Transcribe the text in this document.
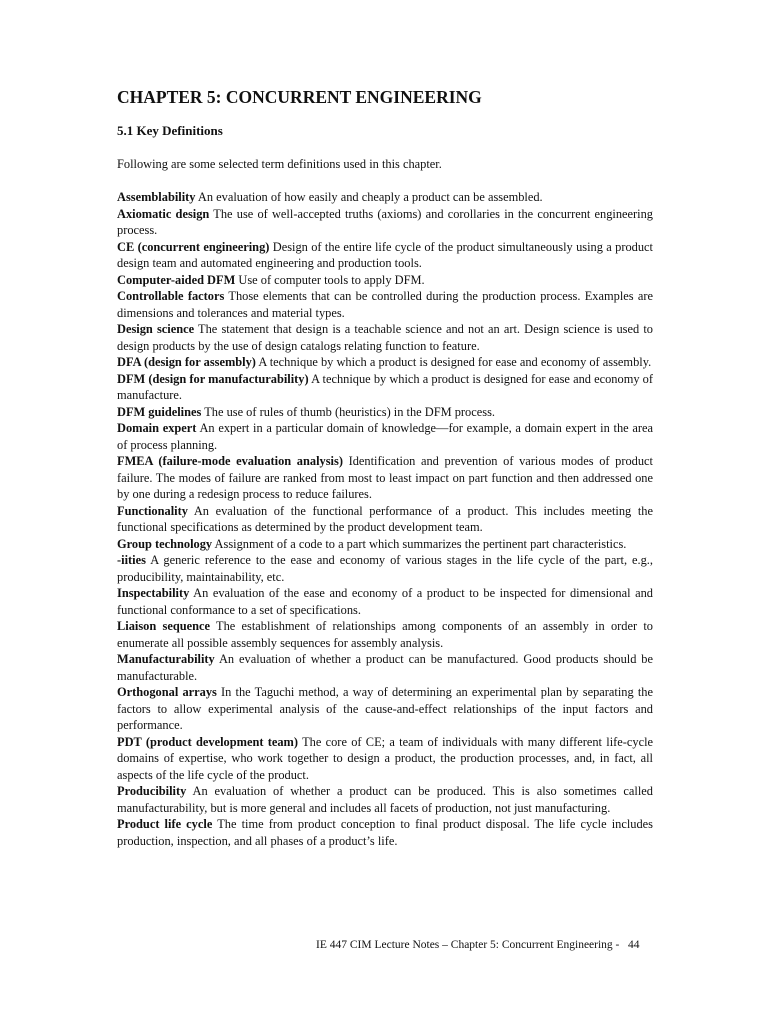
CHAPTER 5: CONCURRENT ENGINEERING
5.1 Key Definitions

Following are some selected term definitions used in this chapter.

Assemblability An evaluation of how easily and cheaply a product can be assembled.

Axiomatic design The use of well-accepted truths (axioms) and corollaries in the concurrent engineering process.

CE (concurrent engineering) Design of the entire life cycle of the product simultaneously using a product design team and automated engineering and production tools.

Computer-aided DFM Use of computer tools to apply DFM.

Controllable factors Those elements that can be controlled during the production process. Examples are dimensions and tolerances and material types.

Design science The statement that design is a teachable science and not an art. Design science is used to design products by the use of design catalogs relating function to feature.

DFA (design for assembly) A technique by which a product is designed for ease and economy of assembly.

DFM (design for manufacturability) A technique by which a product is designed for ease and economy of manufacture.

DFM guidelines The use of rules of thumb (heuristics) in the DFM process.

Domain expert An expert in a particular domain of knowledge—for example, a domain expert in the area of process planning.

FMEA (failure-mode evaluation analysis) Identification and prevention of various modes of product failure. The modes of failure are ranked from most to least impact on part function and then addressed one by one during a redesign process to reduce failures.

Functionality An evaluation of the functional performance of a product. This includes meeting the functional specifications as determined by the product development team.

Group technology Assignment of a code to a part which summarizes the pertinent part characteristics.

-iities A generic reference to the ease and economy of various stages in the life cycle of the part, e.g., producibility, maintainability, etc.

Inspectability An evaluation of the ease and economy of a product to be inspected for dimensional and functional conformance to a set of specifications.

Liaison sequence The establishment of relationships among components of an assembly in order to enumerate all possible assembly sequences for assembly analysis.

Manufacturability An evaluation of whether a product can be manufactured. Good products should be manufacturable.

Orthogonal arrays In the Taguchi method, a way of determining an experimental plan by separating the factors to allow experimental analysis of the cause-and-effect relationships of the input factors and performance.

PDT (product development team) The core of CE; a team of individuals with many different life-cycle domains of expertise, who work together to design a product, the production processes, and, in fact, all aspects of the life cycle of the product.

Producibility An evaluation of whether a product can be produced. This is also sometimes called manufacturability, but is more general and includes all facets of production, not just manufacturing.

Product life cycle The time from product conception to final product disposal. The life cycle includes production, inspection, and all phases of a product’s life.

IE 447 CIM Lecture Notes – Chapter 5: Concurrent Engineering -   44
